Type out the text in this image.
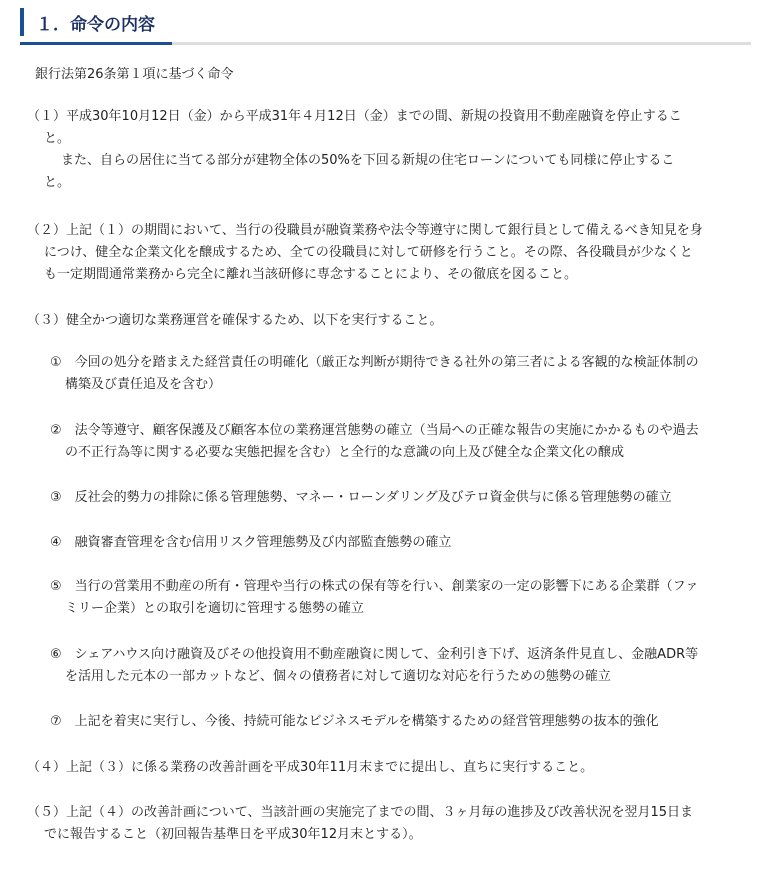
１．命令の内容
銀行法第26条第１項に基づく命令
（１）平成30年10月12日（金）から平成31年４月12日（金）までの間、新規の投資用不動産融資を停止するこ
と。
また、自らの居住に当てる部分が建物全体の50%を下回る新規の住宅ローンについても同様に停止するこ
と。
（２）上記（１）の期間において、当行の役職員が融資業務や法令等遵守に関して銀行員として備えるべき知見を身
につけ、健全な企業文化を醸成するため、全ての役職員に対して研修を行うこと。その際、各役職員が少なくと
も一定期間通常業務から完全に離れ当該研修に専念することにより、その徹底を図ること。
（３）健全かつ適切な業務運営を確保するため、以下を実行すること。
①　今回の処分を踏まえた経営責任の明確化（厳正な判断が期待できる社外の第三者による客観的な検証体制の
構築及び責任追及を含む）
②　法令等遵守、顧客保護及び顧客本位の業務運営態勢の確立（当局への正確な報告の実施にかかるものや過去
の不正行為等に関する必要な実態把握を含む）と全行的な意識の向上及び健全な企業文化の醸成
③　反社会的勢力の排除に係る管理態勢、マネー・ローンダリング及びテロ資金供与に係る管理態勢の確立
④　融資審査管理を含む信用リスク管理態勢及び内部監査態勢の確立
⑤　当行の営業用不動産の所有・管理や当行の株式の保有等を行い、創業家の一定の影響下にある企業群（ファ
ミリー企業）との取引を適切に管理する態勢の確立
⑥　シェアハウス向け融資及びその他投資用不動産融資に関して、金利引き下げ、返済条件見直し、金融ADR等
を活用した元本の一部カットなど、個々の債務者に対して適切な対応を行うための態勢の確立
⑦　上記を着実に実行し、今後、持続可能なビジネスモデルを構築するための経営管理態勢の抜本的強化
（４）上記（３）に係る業務の改善計画を平成30年11月末までに提出し、直ちに実行すること。
（５）上記（４）の改善計画について、当該計画の実施完了までの間、３ヶ月毎の進捗及び改善状況を翌月15日ま
でに報告すること（初回報告基準日を平成30年12月末とする）。
